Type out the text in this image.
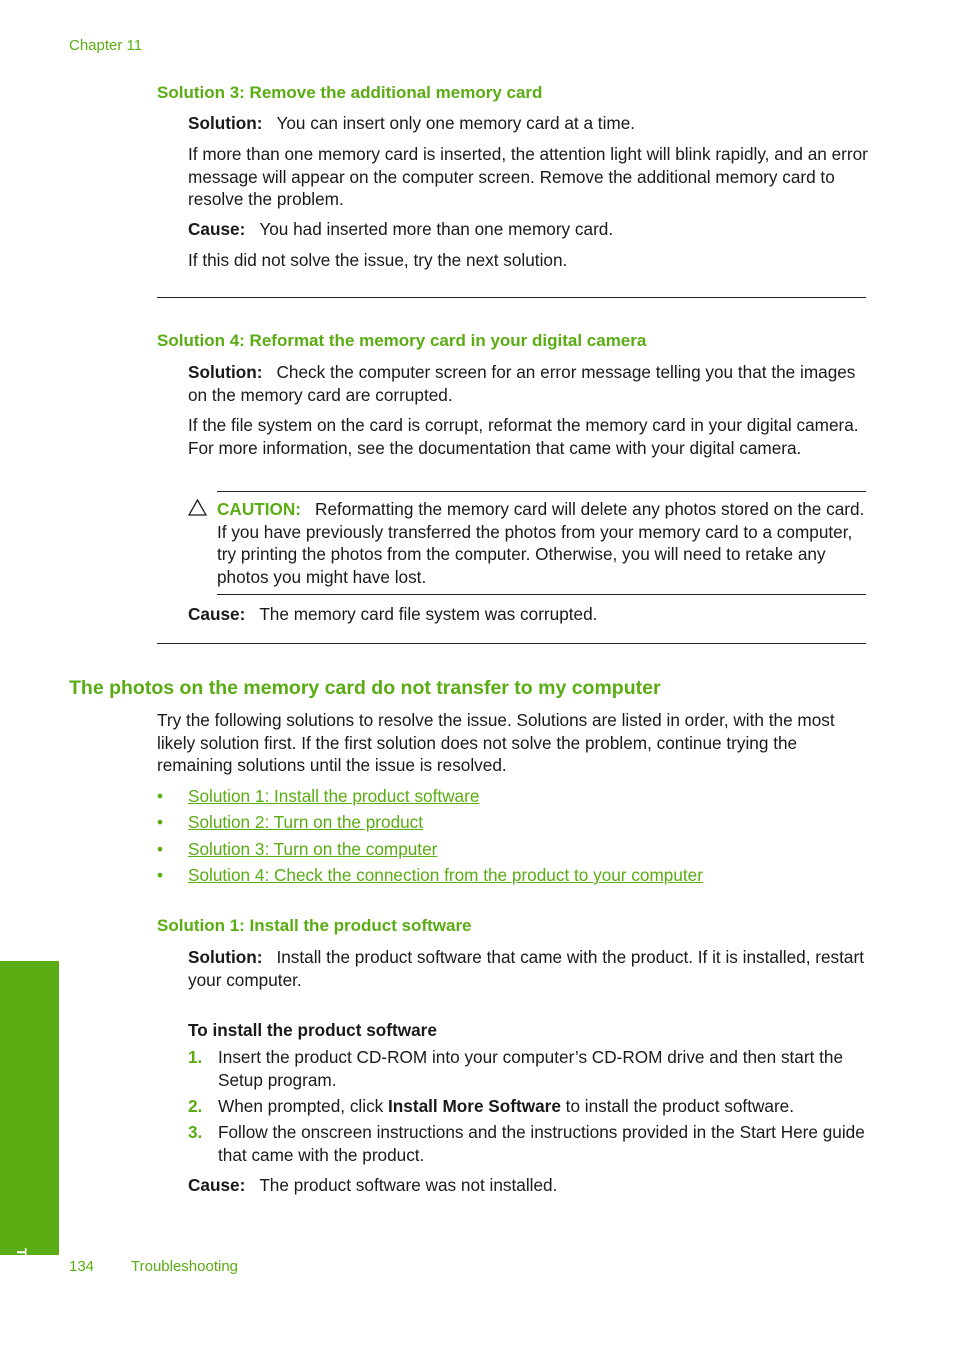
Chapter 11
Solution 3: Remove the additional memory card
Solution: You can insert only one memory card at a time.
If more than one memory card is inserted, the attention light will blink rapidly, and an error message will appear on the computer screen. Remove the additional memory card to resolve the problem.
Cause: You had inserted more than one memory card.
If this did not solve the issue, try the next solution.
Solution 4: Reformat the memory card in your digital camera
Solution: Check the computer screen for an error message telling you that the images on the memory card are corrupted.
If the file system on the card is corrupt, reformat the memory card in your digital camera. For more information, see the documentation that came with your digital camera.
CAUTION: Reformatting the memory card will delete any photos stored on the card. If you have previously transferred the photos from your memory card to a computer, try printing the photos from the computer. Otherwise, you will need to retake any photos you might have lost.
Cause: The memory card file system was corrupted.
The photos on the memory card do not transfer to my computer
Try the following solutions to resolve the issue. Solutions are listed in order, with the most likely solution first. If the first solution does not solve the problem, continue trying the remaining solutions until the issue is resolved.
• Solution 1: Install the product software
• Solution 2: Turn on the product
• Solution 3: Turn on the computer
• Solution 4: Check the connection from the product to your computer
Solution 1: Install the product software
Solution: Install the product software that came with the product. If it is installed, restart your computer.
To install the product software
1. Insert the product CD-ROM into your computer’s CD-ROM drive and then start the Setup program.
2. When prompted, click Install More Software to install the product software.
3. Follow the onscreen instructions and the instructions provided in the Start Here guide that came with the product.
Cause: The product software was not installed.
Troubleshooting	134 Troubleshooting
